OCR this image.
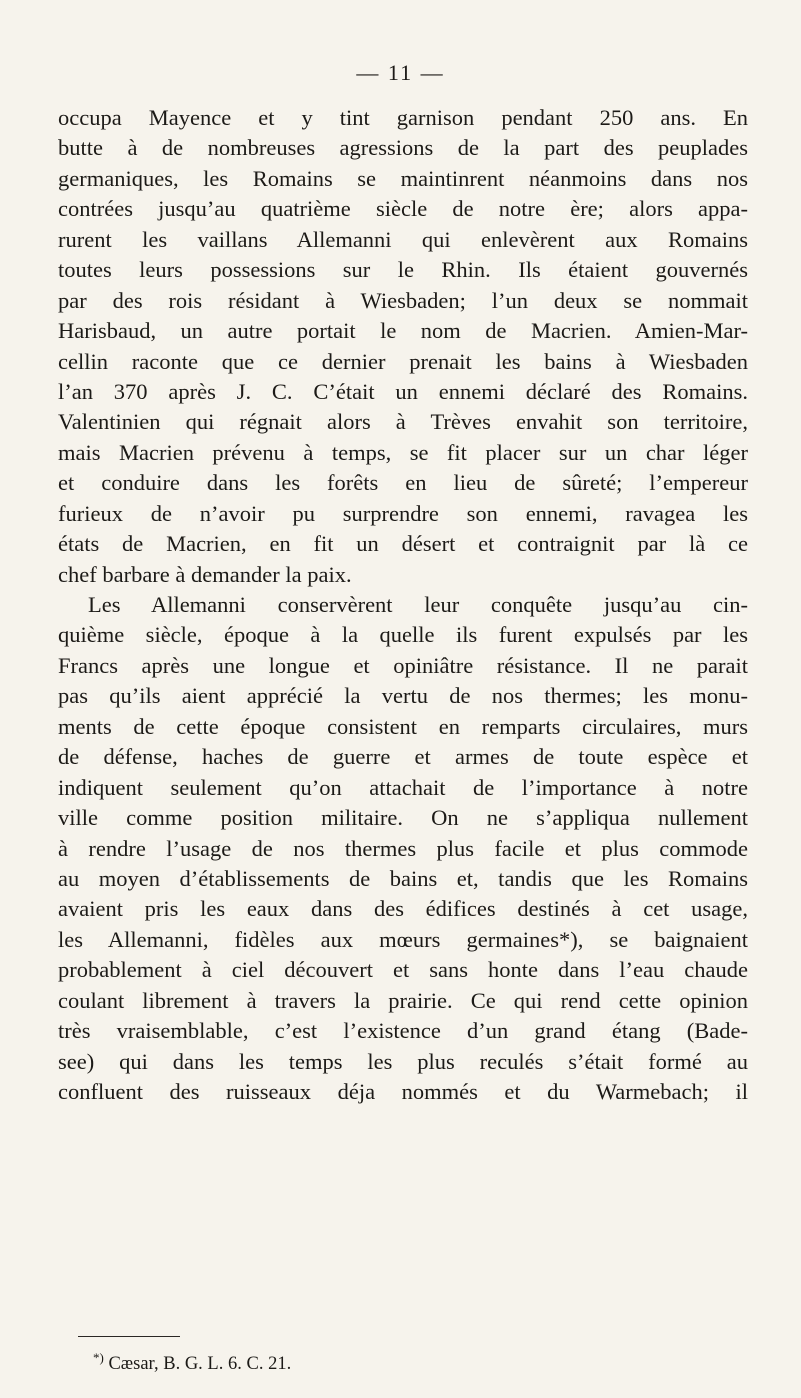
— 11 —
occupa Mayence et y tint garnison pendant 250 ans. En
butte à de nombreuses agressions de la part des peuplades
germaniques, les Romains se maintinrent néanmoins dans nos
contrées jusqu’au quatrième siècle de notre ère; alors appa-
rurent les vaillans Allemanni qui enlevèrent aux Romains
toutes leurs possessions sur le Rhin. Ils étaient gouvernés
par des rois résidant à Wiesbaden; l’un deux se nommait
Harisbaud, un autre portait le nom de Macrien. Amien-Mar-
cellin raconte que ce dernier prenait les bains à Wiesbaden
l’an 370 après J. C. C’était un ennemi déclaré des Romains.
Valentinien qui régnait alors à Trèves envahit son territoire,
mais Macrien prévenu à temps, se fit placer sur un char léger
et conduire dans les forêts en lieu de sûreté; l’empereur
furieux de n’avoir pu surprendre son ennemi, ravagea les
états de Macrien, en fit un désert et contraignit par là ce
chef barbare à demander la paix.
Les Allemanni conservèrent leur conquête jusqu’au cin-
quième siècle, époque à la quelle ils furent expulsés par les
Francs après une longue et opiniâtre résistance. Il ne parait
pas qu’ils aient apprécié la vertu de nos thermes; les monu-
ments de cette époque consistent en remparts circulaires, murs
de défense, haches de guerre et armes de toute espèce et
indiquent seulement qu’on attachait de l’importance à notre
ville comme position militaire. On ne s’appliqua nullement
à rendre l’usage de nos thermes plus facile et plus commode
au moyen d’établissements de bains et, tandis que les Romains
avaient pris les eaux dans des édifices destinés à cet usage,
les Allemanni, fidèles aux mœurs germaines*), se baignaient
probablement à ciel découvert et sans honte dans l’eau chaude
coulant librement à travers la prairie. Ce qui rend cette opinion
très vraisemblable, c’est l’existence d’un grand étang (Bade-
see) qui dans les temps les plus reculés s’était formé au
confluent des ruisseaux déja nommés et du Warmebach; il
*) Cæsar, B. G. L. 6. C. 21.
